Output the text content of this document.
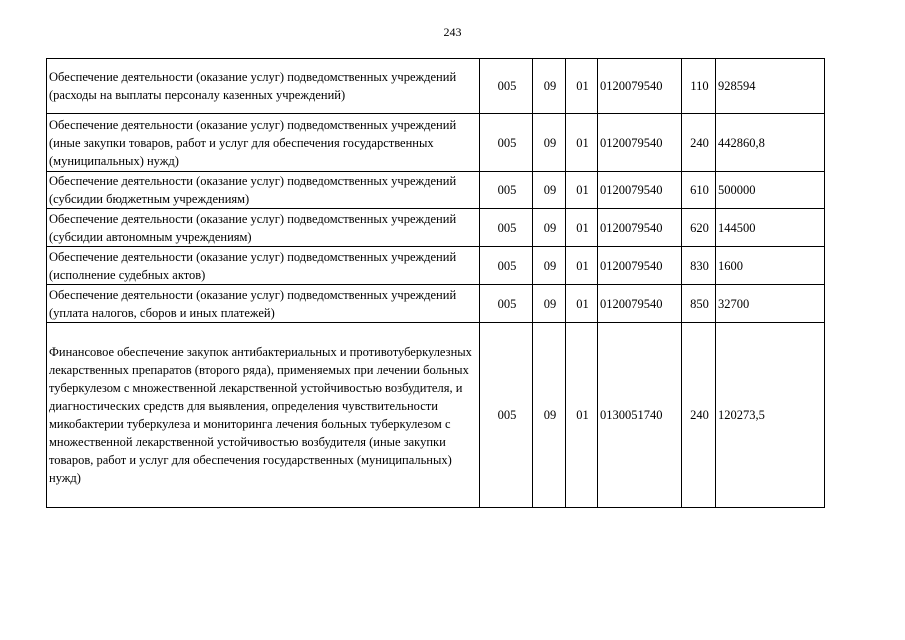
243
Обеспечение деятельности (оказание услуг) подведомственных учреждений (расходы на выплаты персоналу казенных учреждений)	005	09	01	0120079540	110	928594
Обеспечение деятельности (оказание услуг) подведомственных учреждений (иные закупки товаров, работ и услуг для обеспечения государственных (муниципальных) нужд)	005	09	01	0120079540	240	442860,8
Обеспечение деятельности (оказание услуг) подведомственных учреждений (субсидии бюджетным учреждениям)	005	09	01	0120079540	610	500000
Обеспечение деятельности (оказание услуг) подведомственных учреждений (субсидии автономным учреждениям)	005	09	01	0120079540	620	144500
Обеспечение деятельности (оказание услуг) подведомственных учреждений (исполнение судебных актов)	005	09	01	0120079540	830	1600
Обеспечение деятельности (оказание услуг) подведомственных учреждений (уплата налогов, сборов и иных платежей)	005	09	01	0120079540	850	32700
Финансовое обеспечение закупок антибактериальных и противотуберкулезных лекарственных препаратов (второго ряда), применяемых при лечении больных туберкулезом с множественной лекарственной устойчивостью возбудителя, и диагностических средств для выявления, определения чувствительности микобактерии туберкулеза и мониторинга лечения больных туберкулезом с множественной лекарственной устойчивостью возбудителя (иные закупки товаров, работ и услуг для обеспечения государственных (муниципальных) нужд)	005	09	01	0130051740	240	120273,5
